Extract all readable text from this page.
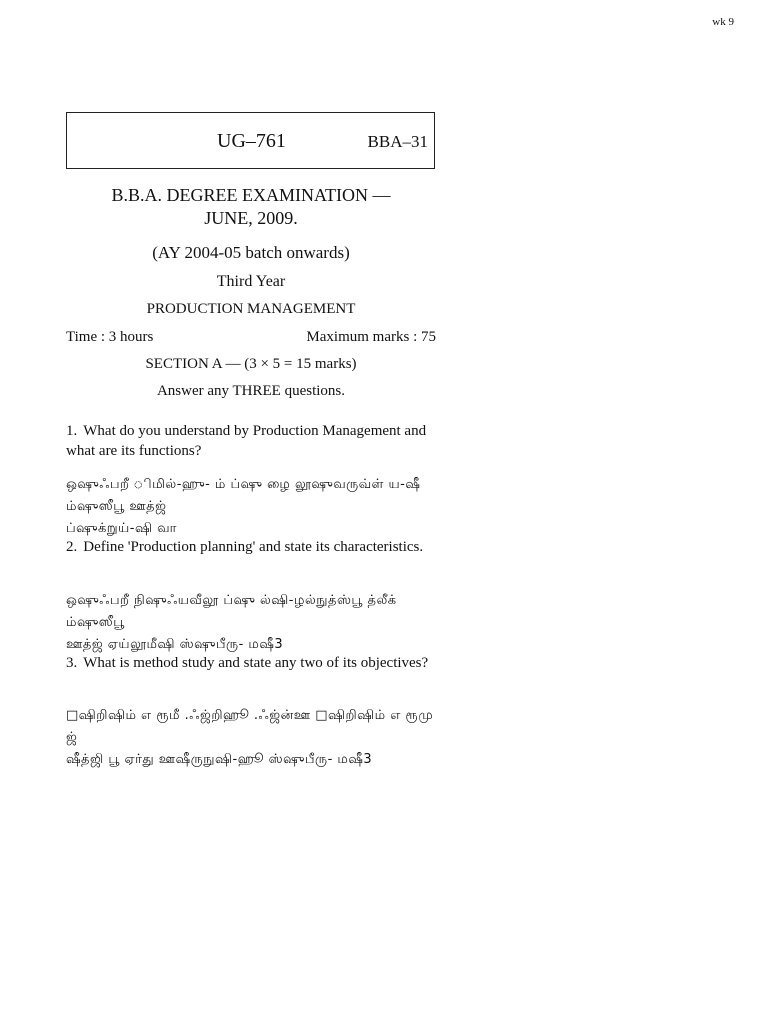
wk 9
UG–761	BBA–31
B.B.A. DEGREE EXAMINATION —
JUNE, 2009.
(AY 2004-05 batch onwards)
Third Year
PRODUCTION MANAGEMENT
Time : 3 hours	Maximum marks : 75
SECTION A — (3 × 5 = 15 marks)
Answer any THREE questions.
1. What do you understand by Production Management and what are its functions?
ஒஷுஃபறீ ிமில்-ஹு- ம் ப்ஷு ழை லூஷுவருவ்ள் ய-ஷீ ம்ஷுஸீபூ ஊத்ஜ்
ப்ஷுக்றுய்-ஷி வா
2. Define 'Production planning' and state its characteristics.
ஒஷுஃபறீ நிஷுஃயவீலூ ப்ஷு ல்ஷி-ழல்நுத்ஸ்பூ த்லீக் ம்ஷுஸீபூ
ஊத்ஜ் ஏய்லூமீஷி ஸ்ஷுபீரு- மஷீ3
3. What is method study and state any two of its objectives?
□ஷிறிஷிம் எ ரூமீ .ஃஜ்றிஹூ .ஃஜ்ன்ஊ □ஷிறிஷிம் எ ரூமு ஜ்
ஷீத்ஜி பூ ஏர்து ஊஷீருநுஷி-ஹூ ஸ்ஷுபீரு- மஷீ3
